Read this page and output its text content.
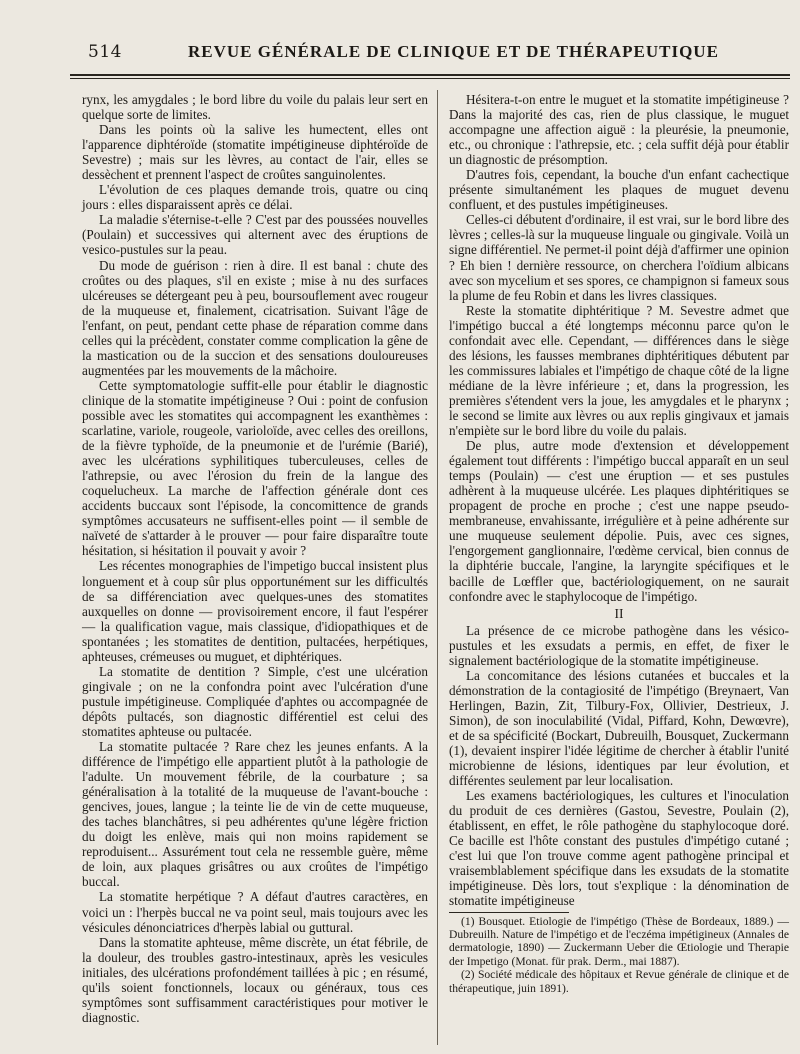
514	REVUE GÉNÉRALE DE CLINIQUE ET DE THÉRAPEUTIQUE

rynx, les amygdales ; le bord libre du voile du palais leur sert en quelque sorte de limites.

Dans les points où la salive les humectent, elles ont l'apparence diphtéroïde (stomatite impétigineuse diphtéroïde de Sevestre) ; mais sur les lèvres, au contact de l'air, elles se dessèchent et prennent l'aspect de croûtes sanguinolentes.

L'évolution de ces plaques demande trois, quatre ou cinq jours : elles disparaissent après ce délai.

La maladie s'éternise-t-elle ? C'est par des poussées nouvelles (Poulain) et successives qui alternent avec des éruptions de vesico-pustules sur la peau.

Du mode de guérison : rien à dire. Il est banal : chute des croûtes ou des plaques, s'il en existe ; mise à nu des surfaces ulcéreuses se détergeant peu à peu, boursouflement avec rougeur de la muqueuse et, finalement, cicatrisation. Suivant l'âge de l'enfant, on peut, pendant cette phase de réparation comme dans celles qui la précèdent, constater comme complication la gêne de la mastication ou de la succion et des sensations douloureuses augmentées par les mouvements de la mâchoire.

Cette symptomatologie suffit-elle pour établir le diagnostic clinique de la stomatite impétigineuse ? Oui : point de confusion possible avec les stomatites qui accompagnent les exanthèmes : scarlatine, variole, rougeole, varioloïde, avec celles des oreillons, de la fièvre typhoïde, de la pneumonie et de l'urémie (Barié), avec les ulcérations syphilitiques tuberculeuses, celles de l'athrepsie, ou avec l'érosion du frein de la langue des coqueluсheux. La marche de l'affection générale dont ces accidents buccaux sont l'épisode, la concomittence de grands symptômes accusateurs ne suffisent-elles point — il semble de naïveté de s'attarder à le prouver — pour faire disparaître toute hésitation, si hésitation il pouvait y avoir ?

Les récentes monographies de l'impetigo buccal insistent plus longuement et à coup sûr plus opportunément sur les difficultés de sa différenciation avec quelques-unes des stomatites auxquelles on donne — provisoirement encore, il faut l'espérer — la qualification vague, mais classique, d'idiopathiques et de spontanées ; les stomatites de dentition, pultacées, herpétiques, aphteuses, crémeuses ou muguet, et diphtériques.

La stomatite de dentition ? Simple, c'est une ulcération gingivale ; on ne la confondra point avec l'ulcération d'une pustule impétigineuse. Compliquée d'aphtes ou accompagnée de dépôts pultacés, son diagnostic différentiel est celui des stomatites aphteuse ou pultacée.

La stomatite pultacée ? Rare chez les jeunes enfants. A la différence de l'impétigo elle appartient plutôt à la pathologie de l'adulte. Un mouvement fébrile, de la courbature ; sa généralisation à la totalité de la muqueuse de l'avant-bouche : gencives, joues, langue ; la teinte lie de vin de cette muqueuse, des taches blanchâtres, si peu adhérentes qu'une légère friction du doigt les enlève, mais qui non moins rapidement se reproduisent... Assurément tout cela ne ressemble guère, même de loin, aux plaques grisâtres ou aux croûtes de l'impétigo buccal.

La stomatite herpétique ? A défaut d'autres caractères, en voici un : l'herpès buccal ne va point seul, mais toujours avec les vésicules dénonciatrices d'herpès labial ou guttural.

Dans la stomatite aphteuse, même discrète, un état fébrile, de la douleur, des troubles gastro-intestinaux, après les vesicules initiales, des ulcérations profondément taillées à pic ; en résumé, qu'ils soient fonctionnels, locaux ou généraux, tous ces symptômes sont suffisamment caractéristiques pour motiver le diagnostic.

Hésitera-t-on entre le muguet et la stomatite impétigineuse ? Dans la majorité des cas, rien de plus classique, le muguet accompagne une affection aiguë : la pleurésie, la pneumonie, etc., ou chronique : l'athrepsie, etc. ; cela suffit déjà pour établir un diagnostic de présomption.

D'autres fois, cependant, la bouche d'un enfant cachectique présente simultanément les plaques de muguet devenu confluent, et des pustules impétigineuses.

Celles-ci débutent d'ordinaire, il est vrai, sur le bord libre des lèvres ; celles-là sur la muqueuse linguale ou gingivale. Voilà un signe différentiel. Ne permet-il point déjà d'affirmer une opinion ? Eh bien ! dernière ressource, on cherchera l'oïdium albicans avec son mycelium et ses spores, ce champignon si fameux sous la plume de feu Robin et dans les livres classiques.

Reste la stomatite diphtéritique ? M. Sevestre admet que l'impétigo buccal a été longtemps méconnu parce qu'on le confondait avec elle. Cependant, — différences dans le siège des lésions, les fausses membranes diphtéritiques débutent par les commissures labiales et l'impétigo de chaque côté de la ligne médiane de la lèvre inférieure ; et, dans la progression, les premières s'étendent vers la joue, les amygdales et le pharynx ; le second se limite aux lèvres ou aux replis gingivaux et jamais n'empiète sur le bord libre du voile du palais.

De plus, autre mode d'extension et développement également tout différents : l'impétigo buccal apparaît en un seul temps (Poulain) — c'est une éruption — et ses pustules adhèrent à la muqueuse ulcérée. Les plaques diphtéritiques se propagent de proche en proche ; c'est une nappe pseudo-membraneuse, envahissante, irrégulière et à peine adhérente sur une muqueuse seulement dépolie. Puis, avec ces signes, l'engorgement ganglionnaire, l'œdème cervical, bien connus de la diphtérie buccale, l'angine, la laryngite spécifiques et le bacille de Lœffler que, bactériologiquement, on ne saurait confondre avec le staphylocoque de l'impétigo.

II

La présence de ce microbe pathogène dans les vésico-pustules et les exsudats a permis, en effet, de fixer le signalement bactériologique de la stomatite impétigineuse.

La concomitance des lésions cutanées et buccales et la démonstration de la contagiosité de l'impétigo (Breynaert, Van Herlingen, Bazin, Zit, Tilbury-Fox, Ollivier, Destrieux, J. Simon), de son inoculabilité (Vidal, Piffard, Kohn, Dewœvre), et de sa spécificité (Bockart, Dubreuilh, Bousquet, Zuckermann (1), devaient inspirer l'idée légitime de chercher à établir l'unité microbienne de lésions, identiques par leur évolution, et différentes seulement par leur localisation.

Les examens bactériologiques, les cultures et l'inoculation du produit de ces dernières (Gastou, Sevestre, Poulain (2), établissent, en effet, le rôle pathogène du staphylocoque doré. Ce bacille est l'hôte constant des pustules d'impétigo cutané ; c'est lui que l'on trouve comme agent pathogène principal et vraisemblablement spécifique dans les exsudats de la stomatite impétigineuse. Dès lors, tout s'explique : la dénomination de stomatite impétigineuse

(1) Bousquet. Etiologie de l'impétigo (Thèse de Bordeaux, 1889.) — Dubreuilh. Nature de l'impétigo et de l'eczéma impétigineux (Annales de dermatologie, 1890) — Zuckermann Ueber die Œtiologie und Therapie der Impetigo (Monat. für prak. Derm., mai 1887).

(2) Société médicale des hôpitaux et Revue générale de clinique et de thérapeutique, juin 1891).
